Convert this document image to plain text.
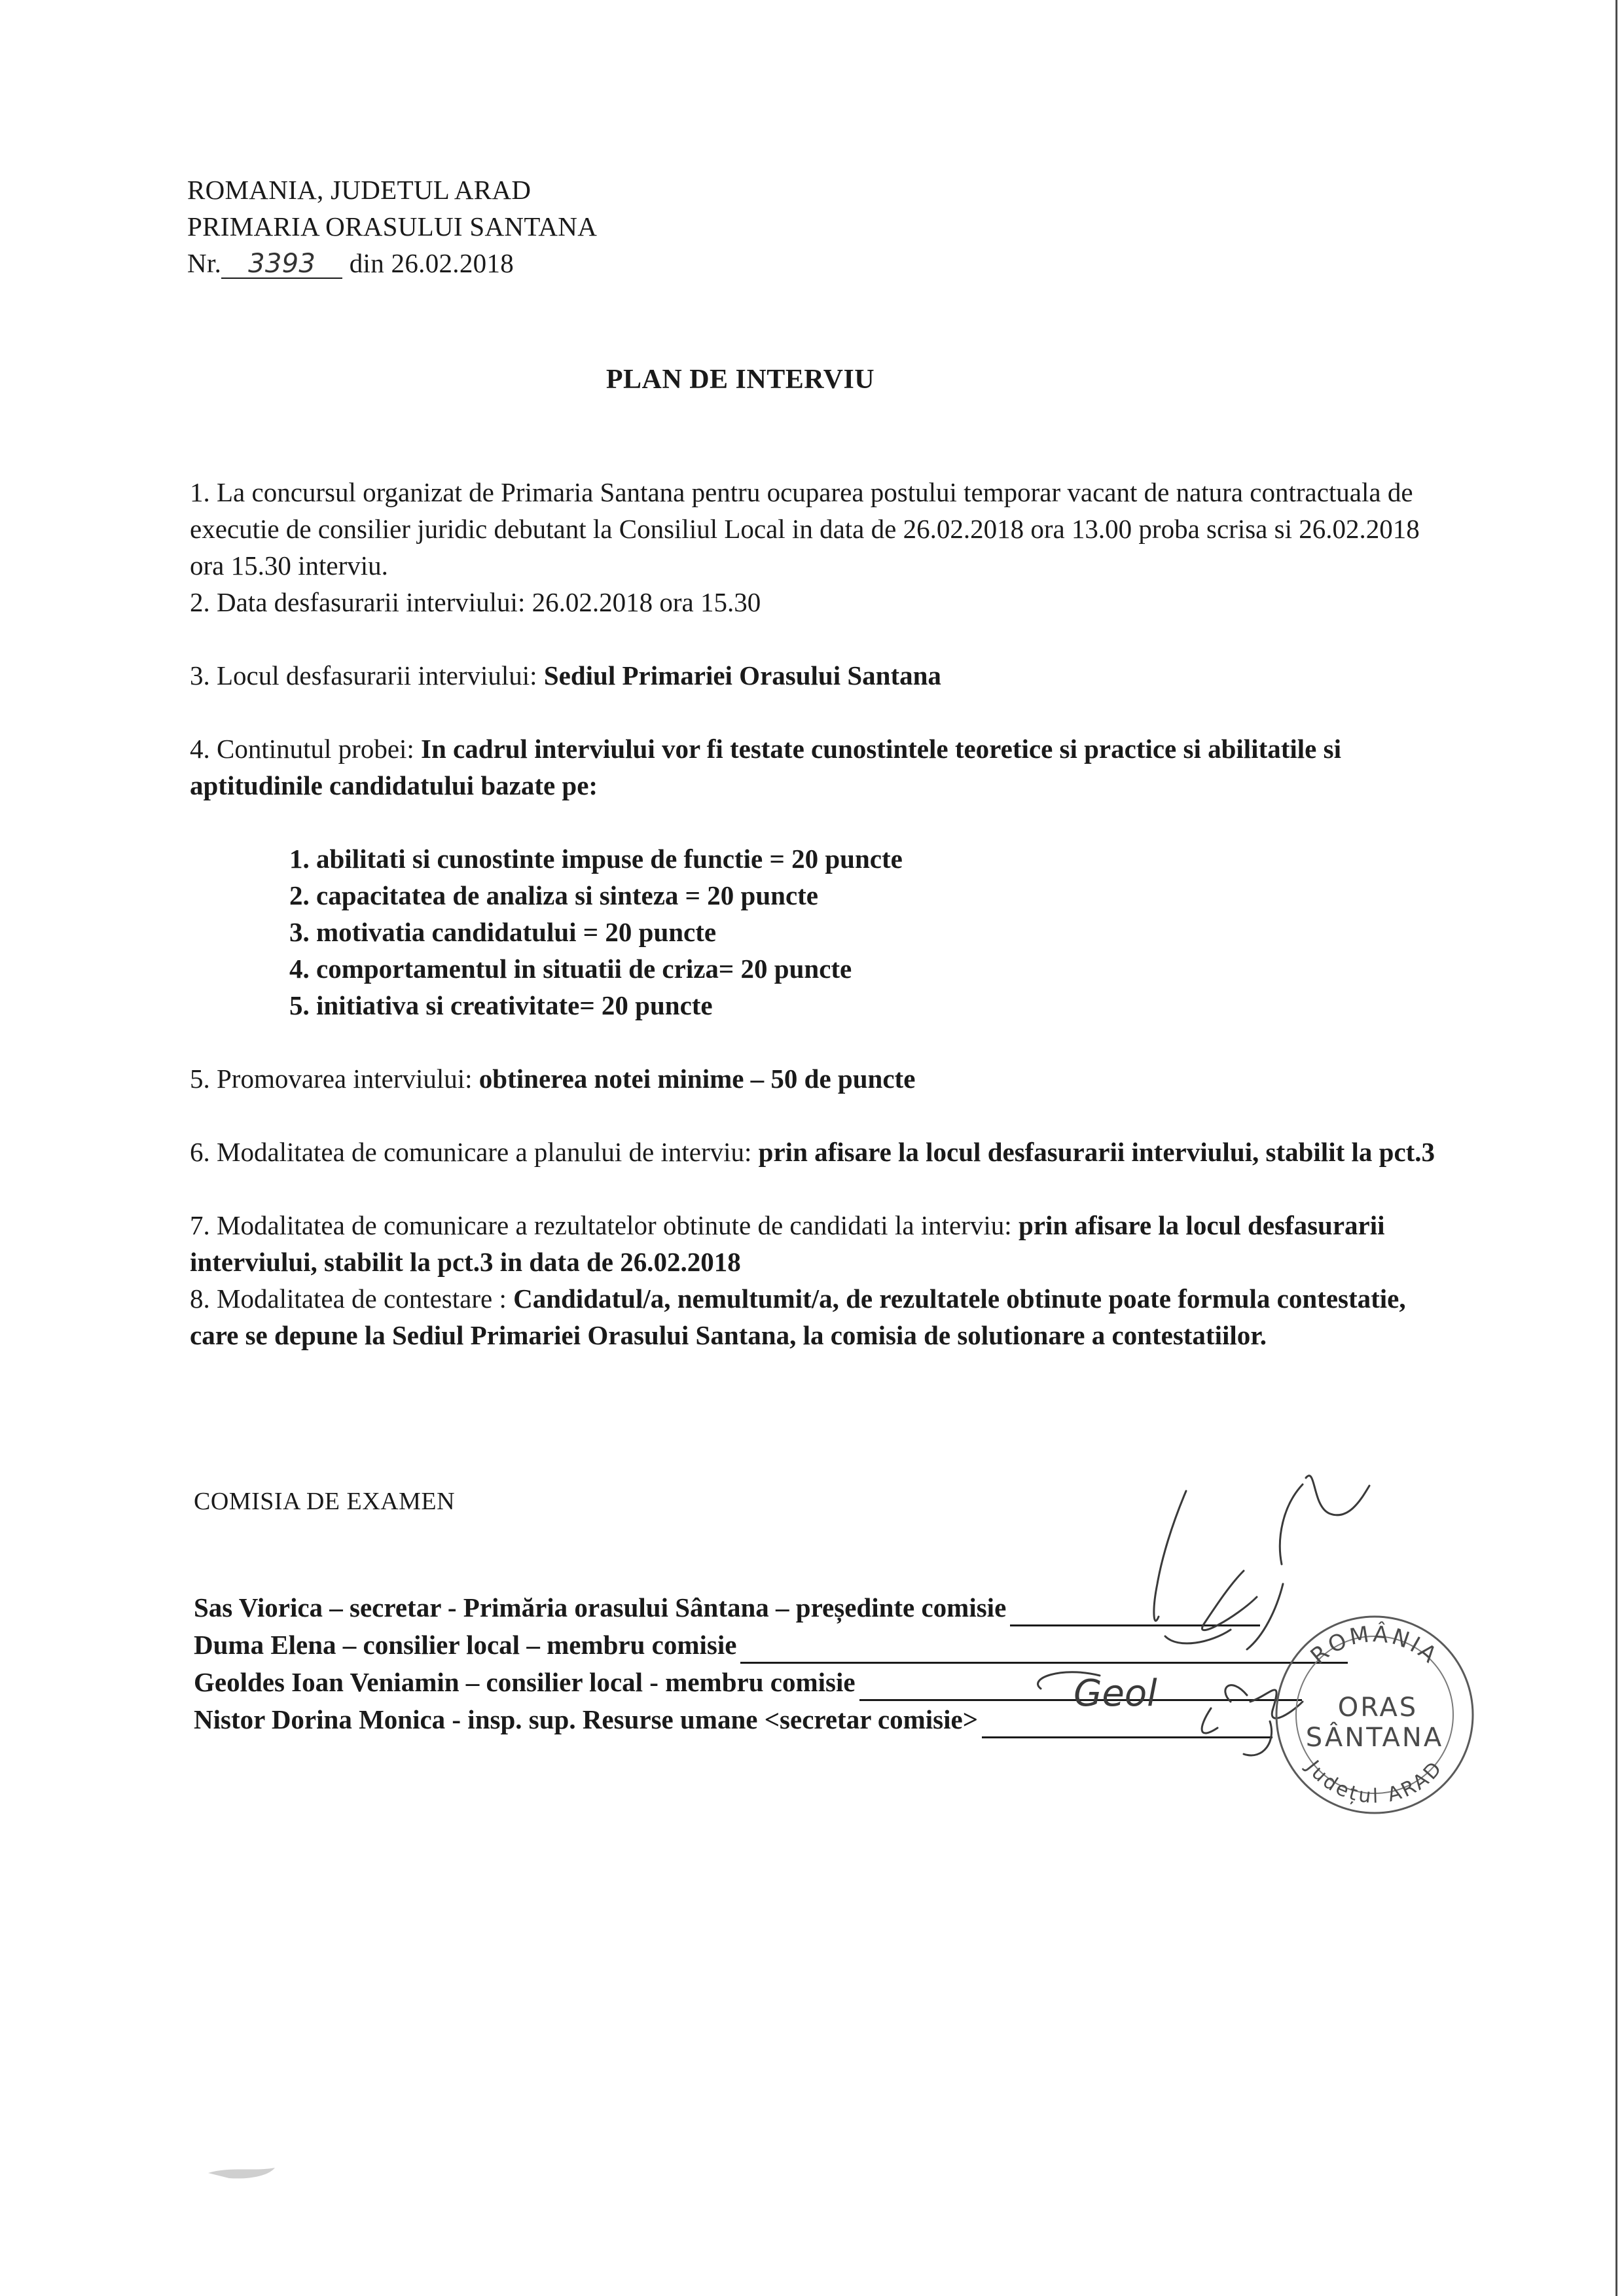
ROMANIA, JUDETUL ARAD
PRIMARIA ORASULUI SANTANA
Nr. 3393 din 26.02.2018
PLAN DE INTERVIU

1. La concursul organizat de Primaria Santana pentru ocuparea postului temporar vacant de natura contractuala de executie de consilier juridic debutant la Consiliul Local in data de 26.02.2018 ora 13.00 proba scrisa si 26.02.2018 ora 15.30 interviu.

2. Data desfasurarii interviului: 26.02.2018 ora 15.30

3. Locul desfasurarii interviului: Sediul Primariei Orasului Santana

4. Continutul probei: In cadrul interviului vor fi testate cunostintele teoretice si practice si abilitatile si aptitudinile candidatului bazate pe:

1. abilitati si cunostinte impuse de functie = 20 puncte
2. capacitatea de analiza si sinteza = 20 puncte
3. motivatia candidatului = 20 puncte
4. comportamentul in situatii de criza= 20 puncte
5. initiativa si creativitate= 20 puncte

5. Promovarea interviului: obtinerea notei minime – 50 de puncte

6. Modalitatea de comunicare a planului de interviu: prin afisare la locul desfasurarii interviului, stabilit la pct.3

7. Modalitatea de comunicare a rezultatelor obtinute de candidati la interviu: prin afisare la locul desfasurarii interviului, stabilit la pct.3 in data de 26.02.2018

8. Modalitatea de contestare : Candidatul/a, nemultumit/a, de rezultatele obtinute poate formula contestatie, care se depune la Sediul Primariei Orasului Santana, la comisia de solutionare a contestatiilor.

COMISIA DE EXAMEN
Sas Viorica – secretar - Primăria orasului Sântana – președinte comisie
Duma Elena – consilier local – membru comisie
Geoldes Ioan Veniamin – consilier local - membru comisie
Nistor Dorina Monica - insp. sup. Resurse umane <secretar comisie>
Geol
ROMÂNIA
Județul ARAD
ORAS
SÂNTANA
